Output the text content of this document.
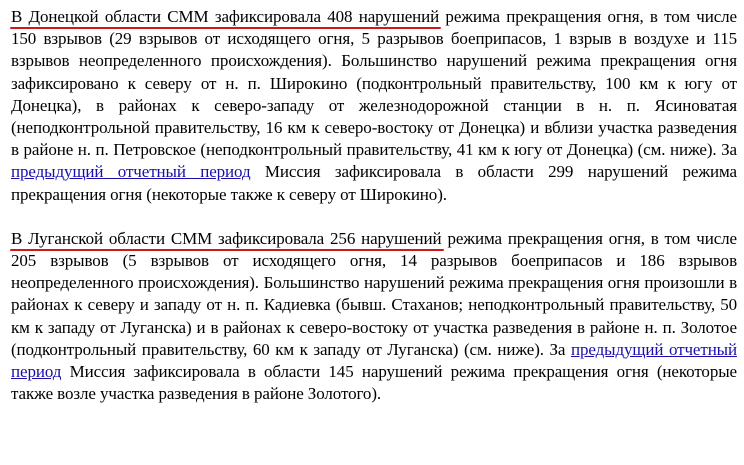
В Донецкой области СММ зафиксировала 408 нарушений режима прекращения огня, в том числе 150 взрывов (29 взрывов от исходящего огня, 5 разрывов боеприпасов, 1 взрыв в воздухе и 115 взрывов неопределенного происхождения). Большинство нарушений режима прекращения огня зафиксировано к северу от н. п. Широкино (подконтрольный правительству, 100 км к югу от Донецка), в районах к северо-западу от железнодорожной станции в н. п. Ясиноватая (неподконтрольной правительству, 16 км к северо-востоку от Донецка) и вблизи участка разведения в районе н. п. Петровское (неподконтрольный правительству, 41 км к югу от Донецка) (см. ниже). За предыдущий отчетный период Миссия зафиксировала в области 299 нарушений режима прекращения огня (некоторые также к северу от Широкино).

В Луганской области СММ зафиксировала 256 нарушений режима прекращения огня, в том числе 205 взрывов (5 взрывов от исходящего огня, 14 разрывов боеприпасов и 186 взрывов неопределенного происхождения). Большинство нарушений режима прекращения огня произошли в районах к северу и западу от н. п. Кадиевка (бывш. Стаханов; неподконтрольный правительству, 50 км к западу от Луганска) и в районах к северо-востоку от участка разведения в районе н. п. Золотое (подконтрольный правительству, 60 км к западу от Луганска) (см. ниже). За предыдущий отчетный период Миссия зафиксировала в области 145 нарушений режима прекращения огня (некоторые также возле участка разведения в районе Золотого).
